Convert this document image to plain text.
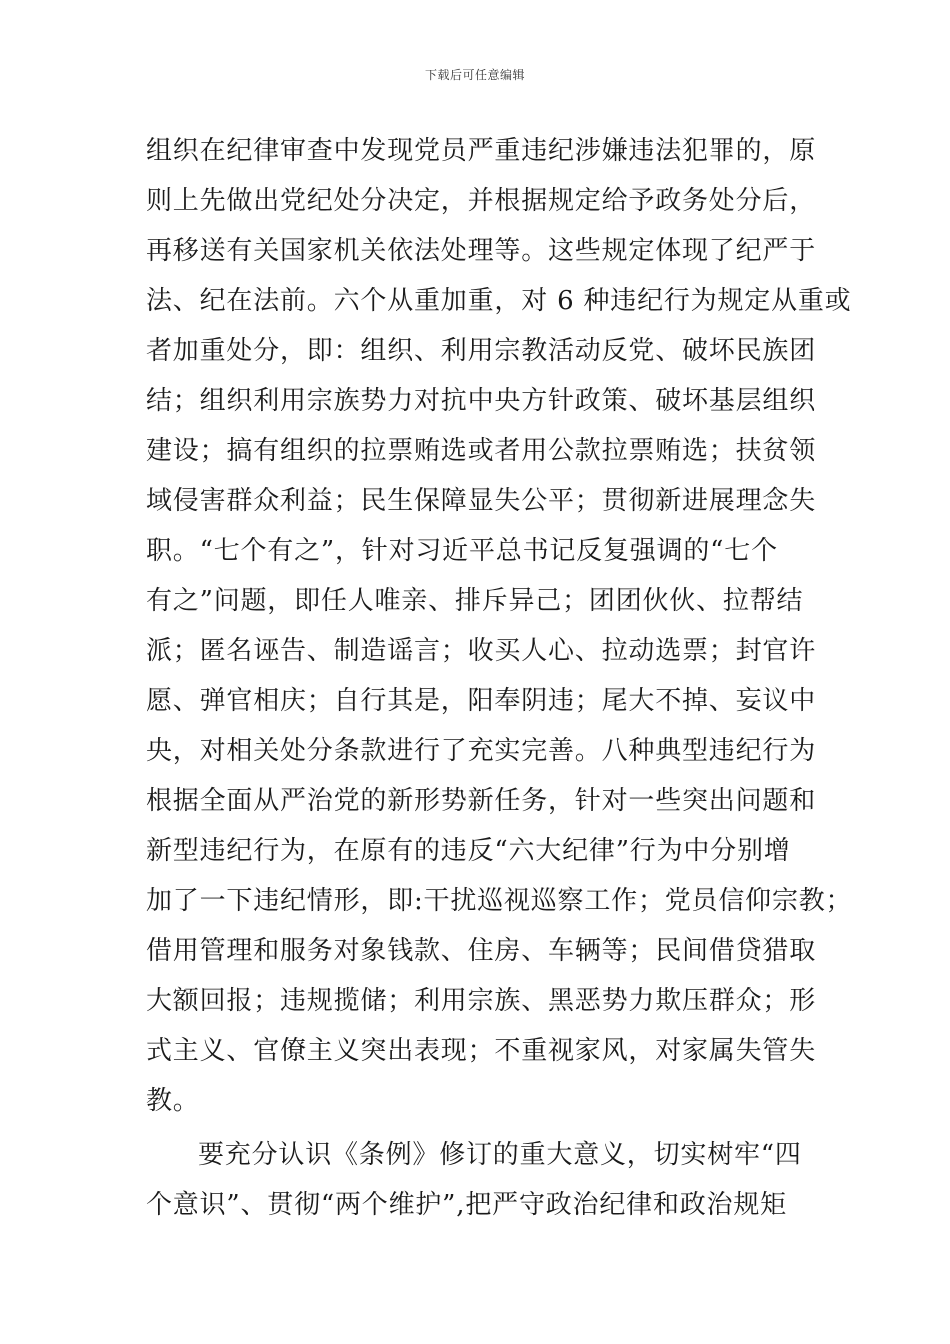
下载后可任意编辑
组织在纪律审查中发现党员严重违纪涉嫌违法犯罪的，原
则上先做出党纪处分决定，并根据规定给予政务处分后，
再移送有关国家机关依法处理等。这些规定体现了纪严于
法、纪在法前。六个从重加重，对 6 种违纪行为规定从重或
者加重处分，即：组织、利用宗教活动反党、破坏民族团
结；组织利用宗族势力对抗中央方针政策、破坏基层组织
建设；搞有组织的拉票贿选或者用公款拉票贿选；扶贫领
域侵害群众利益；民生保障显失公平；贯彻新进展理念失
职。“七个有之”，针对习近平总书记反复强调的“七个
有之”问题，即任人唯亲、排斥异己；团团伙伙、拉帮结
派；匿名诬告、制造谣言；收买人心、拉动选票；封官许
愿、弹官相庆；自行其是，阳奉阴违；尾大不掉、妄议中
央，对相关处分条款进行了充实完善。八种典型违纪行为
根据全面从严治党的新形势新任务，针对一些突出问题和
新型违纪行为，在原有的违反“六大纪律”行为中分别增
加了一下违纪情形，即:干扰巡视巡察工作；党员信仰宗教；
借用管理和服务对象钱款、住房、车辆等；民间借贷猎取
大额回报；违规揽储；利用宗族、黑恶势力欺压群众；形
式主义、官僚主义突出表现；不重视家风，对家属失管失
教。
要充分认识《条例》修订的重大意义，切实树牢“四
个意识”、贯彻“两个维护”,把严守政治纪律和政治规矩
